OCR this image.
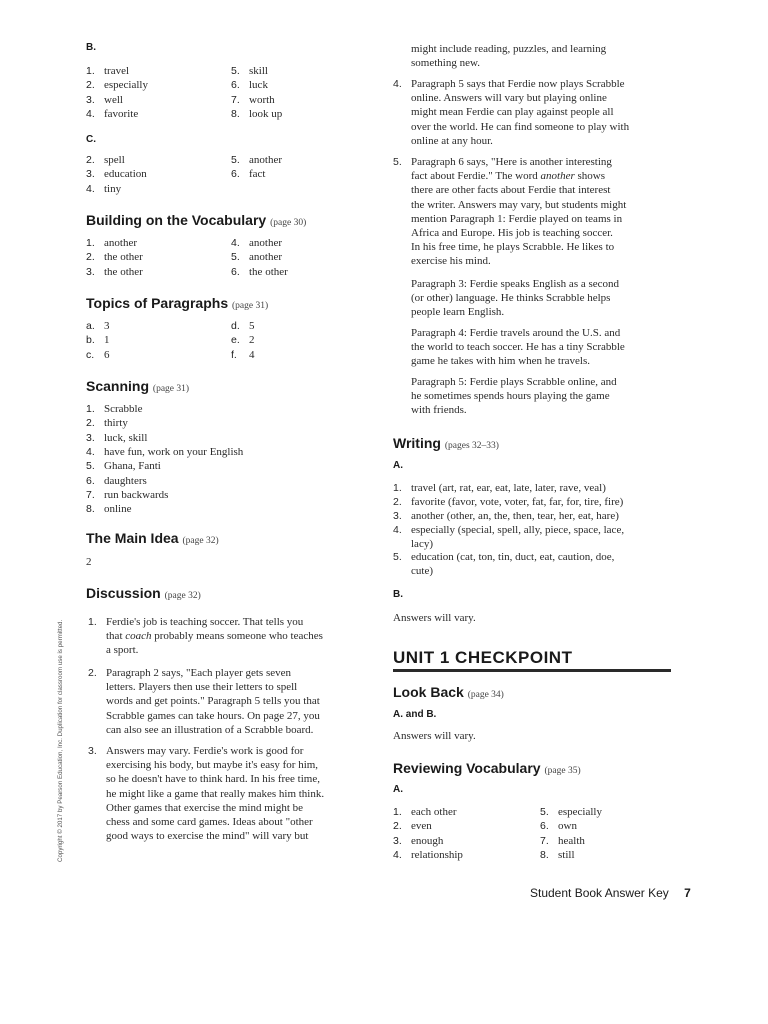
B.
1. travel
2. especially
3. well
4. favorite
5. skill
6. luck
7. worth
8. look up
C.
2. spell
3. education
4. tiny
5. another
6. fact
Building on the Vocabulary (page 30)
1. another
2. the other
3. the other
4. another
5. another
6. the other
Topics of Paragraphs (page 31)
a. 3
b. 1
c. 6
d. 5
e. 2
f. 4
Scanning (page 31)
1. Scrabble
2. thirty
3. luck, skill
4. have fun, work on your English
5. Ghana, Fanti
6. daughters
7. run backwards
8. online
The Main Idea (page 32)
2
Discussion (page 32)
1. Ferdie's job is teaching soccer. That tells you
that coach probably means someone who teaches
a sport.
2. Paragraph 2 says, "Each player gets seven
letters. Players then use their letters to spell
words and get points." Paragraph 5 tells you that
Scrabble games can take hours. On page 27, you
can also see an illustration of a Scrabble board.
3. Answers may vary. Ferdie's work is good for
exercising his body, but maybe it's easy for him,
so he doesn't have to think hard. In his free time,
he might like a game that really makes him think.
Other games that exercise the mind might be
chess and some card games. Ideas about "other
good ways to exercise the mind" will vary but
might include reading, puzzles, and learning
something new.
4. Paragraph 5 says that Ferdie now plays Scrabble
online. Answers will vary but playing online
might mean Ferdie can play against people all
over the world. He can find someone to play with
online at any hour.
5. Paragraph 6 says, "Here is another interesting
fact about Ferdie." The word another shows
there are other facts about Ferdie that interest
the writer. Answers may vary, but students might
mention Paragraph 1: Ferdie played on teams in
Africa and Europe. His job is teaching soccer.
In his free time, he plays Scrabble. He likes to
exercise his mind.
Paragraph 3: Ferdie speaks English as a second
(or other) language. He thinks Scrabble helps
people learn English.
Paragraph 4: Ferdie travels around the U.S. and
the world to teach soccer. He has a tiny Scrabble
game he takes with him when he travels.
Paragraph 5: Ferdie plays Scrabble online, and
he sometimes spends hours playing the game
with friends.
Writing (pages 32–33)
A.
1. travel (art, rat, ear, eat, late, later, rave, veal)
2. favorite (favor, vote, voter, fat, far, for, tire, fire)
3. another (other, an, the, then, tear, her, eat, hare)
4. especially (special, spell, ally, piece, space, lace,
lacy)
5. education (cat, ton, tin, duct, eat, caution, doe,
cute)
B.
Answers will vary.
UNIT 1 CHECKPOINT
Look Back (page 34)
A. and B.
Answers will vary.
Reviewing Vocabulary (page 35)
A.
1. each other
2. even
3. enough
4. relationship
5. especially
6. own
7. health
8. still
Student Book Answer Key 7
Copyright © 2017 by Pearson Education, Inc. Duplication for classroom use is permitted.
